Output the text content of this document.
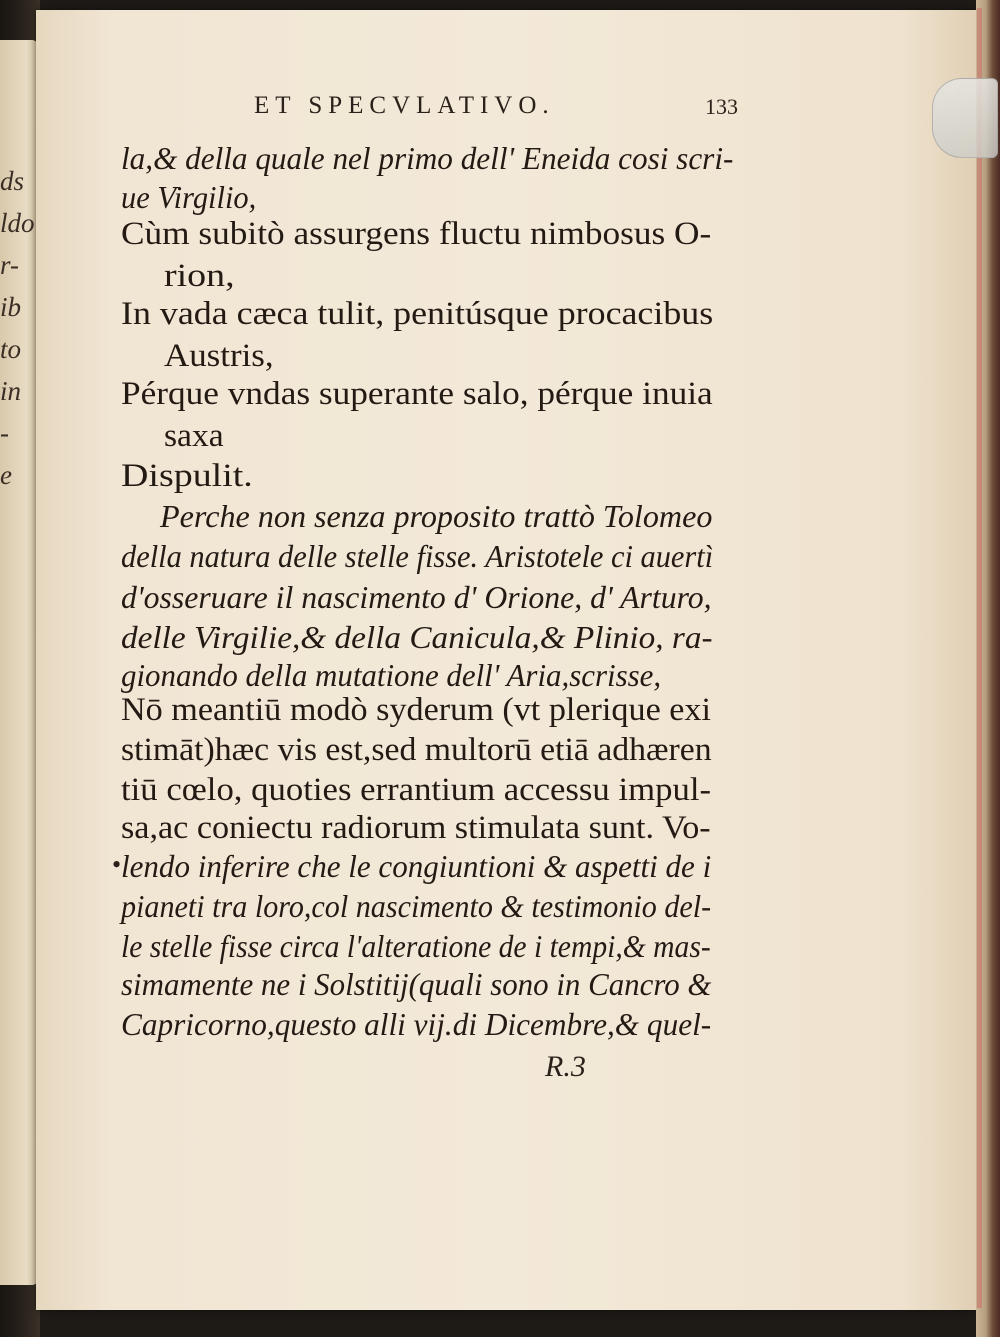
ds
ldo
r-
ib
to
in
-
e
ET SPECVLATIVO.	133
la,& della quale nel primo dell' Eneida cosi scri-
ue Virgilio,
Cùm subitò assurgens fluctu nimbosus O-
rion,
In vada cæca tulit, penitúsque procacibus
Austris,
Pérque vndas superante salo, pérque inuia
saxa
Dispulit.
Perche non senza proposito trattò Tolomeo
della natura delle stelle fisse. Aristotele ci auertì
d'osseruare il nascimento d' Orione, d' Arturo,
delle Virgilie,& della Canicula,& Plinio, ra-
gionando della mutatione dell' Aria,scrisse,
Nō meantiū modò syderum (vt plerique exi
stimāt)hæc vis est,sed multorū etiā adhæren
tiū cœlo, quoties errantium accessu impul-
sa,ac coniectu radiorum stimulata sunt. Vo-
lendo inferire che le congiuntioni & aspetti de i
pianeti tra loro,col nascimento & testimonio del-
le stelle fisse circa l'alteratione de i tempi,& mas-
simamente ne i Solstitij(quali sono in Cancro &
Capricorno,questo alli vij.di Dicembre,& quel-
•
R.3
